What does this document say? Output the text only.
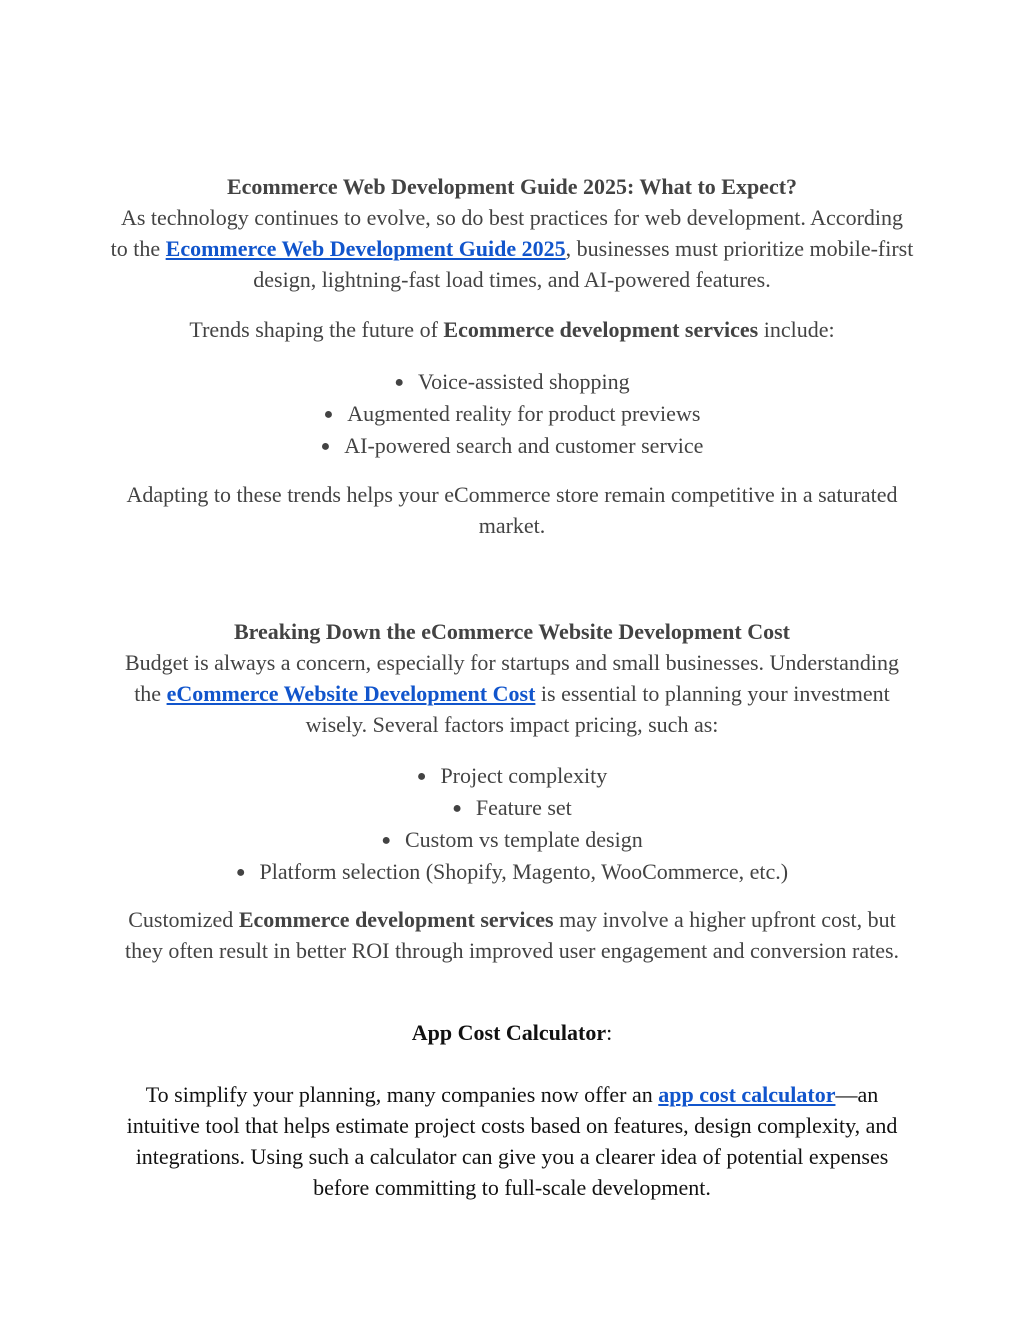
Ecommerce Web Development Guide 2025: What to Expect?

As technology continues to evolve, so do best practices for web development. According to the Ecommerce Web Development Guide 2025, businesses must prioritize mobile-first design, lightning-fast load times, and AI-powered features.

Trends shaping the future of Ecommerce development services include:

● Voice-assisted shopping
● Augmented reality for product previews
● AI-powered search and customer service

Adapting to these trends helps your eCommerce store remain competitive in a saturated market.

Breaking Down the eCommerce Website Development Cost

Budget is always a concern, especially for startups and small businesses. Understanding the eCommerce Website Development Cost is essential to planning your investment wisely. Several factors impact pricing, such as:

● Project complexity
● Feature set
● Custom vs template design
● Platform selection (Shopify, Magento, WooCommerce, etc.)

Customized Ecommerce development services may involve a higher upfront cost, but they often result in better ROI through improved user engagement and conversion rates.

App Cost Calculator:

To simplify your planning, many companies now offer an app cost calculator—an intuitive tool that helps estimate project costs based on features, design complexity, and integrations. Using such a calculator can give you a clearer idea of potential expenses before committing to full-scale development.
